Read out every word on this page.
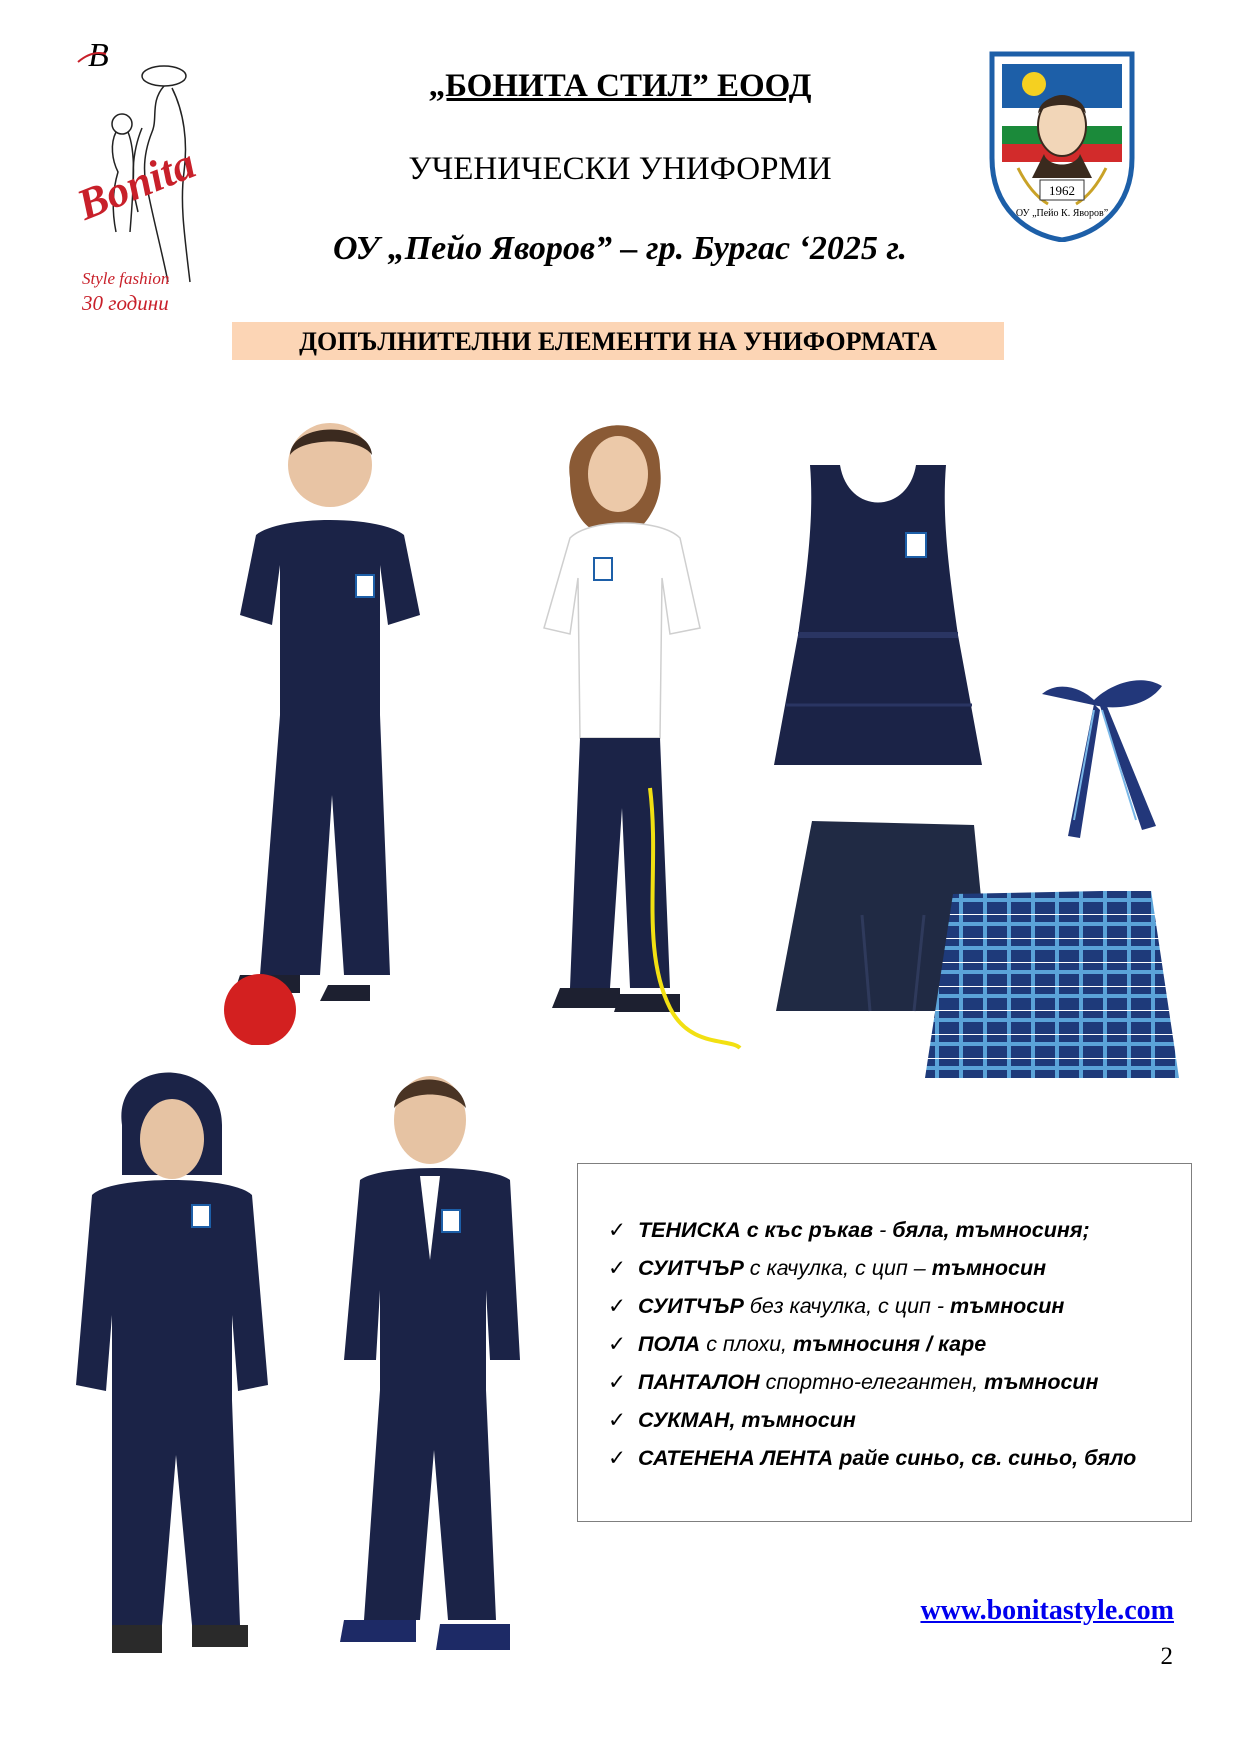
B
Bonita
Style fashion
30 години
1962
ОУ „Пейо К. Яворов”
„БОНИТА СТИЛ” ЕООД
УЧЕНИЧЕСКИ УНИФОРМИ
ОУ „Пейо Яворов” – гр. Бургас ‘2025 г.
ДОПЪЛНИТЕЛНИ ЕЛЕМЕНТИ НА УНИФОРМАТА
✓ ТЕНИСКА с къс ръкав - бяла, тъмносиня;
✓ СУИТЧЪР с качулка, с цип – тъмносин
✓ СУИТЧЪР без качулка, с цип - тъмносин
✓ ПОЛА с плохи, тъмносиня / каре
✓ ПАНТАЛОН спортно-елегантен, тъмносин
✓ СУКМАН, тъмносин
✓ САТЕНЕНА ЛЕНТА райе синьо, св. синьо, бяло
www.bonitastyle.com
2
